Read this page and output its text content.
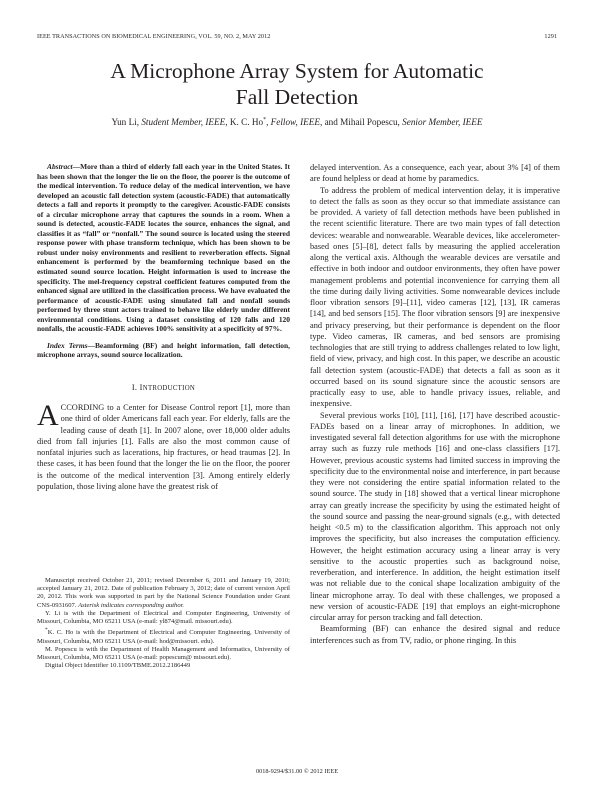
IEEE TRANSACTIONS ON BIOMEDICAL ENGINEERING, VOL. 59, NO. 2, MAY 2012	1291
A Microphone Array System for Automatic
Fall Detection
Yun Li, Student Member, IEEE, K. C. Ho*, Fellow, IEEE, and Mihail Popescu, Senior Member, IEEE

Abstract—More than a third of elderly fall each year in the United States. It has been shown that the longer the lie on the floor, the poorer is the outcome of the medical intervention. To reduce delay of the medical intervention, we have developed an acoustic fall detection system (acoustic-FADE) that automatically detects a fall and reports it promptly to the caregiver. Acoustic-FADE consists of a circular microphone array that captures the sounds in a room. When a sound is detected, acoustic-FADE locates the source, enhances the signal, and classifies it as “fall” or “nonfall.” The sound source is located using the steered response power with phase transform technique, which has been shown to be robust under noisy environments and resilient to reverberation effects. Signal enhancement is performed by the beamforming technique based on the estimated sound source location. Height information is used to increase the specificity. The mel-frequency cepstral coefficient features computed from the enhanced signal are utilized in the classification process. We have evaluated the performance of acoustic-FADE using simulated fall and nonfall sounds performed by three stunt actors trained to behave like elderly under different environmental conditions. Using a dataset consisting of 120 falls and 120 nonfalls, the acoustic-FADE achieves 100% sensitivity at a specificity of 97%.

Index Terms—Beamforming (BF) and height information, fall detection, microphone arrays, sound source localization.

I. INTRODUCTION

ACCORDING to a Center for Disease Control report [1], more than one third of older Americans fall each year. For elderly, falls are the leading cause of death [1]. In 2007 alone, over 18,000 older adults died from fall injuries [1]. Falls are also the most common cause of nonfatal injuries such as lacerations, hip fractures, or head traumas [2]. In these cases, it has been found that the longer the lie on the floor, the poorer is the outcome of the medical intervention [3]. Among entirely elderly population, those living alone have the greatest risk of

Manuscript received October 21, 2011; revised December 6, 2011 and January 19, 2010; accepted January 21, 2012. Date of publication February 3, 2012; date of current version April 20, 2012. This work was supported in part by the National Science Foundation under Grant CNS-0931607. Asterisk indicates corresponding author.

Y. Li is with the Department of Electrical and Computer Engineering, University of Missouri, Columbia, MO 65211 USA (e-mail: yl874@mail. missouri.edu).

*K. C. Ho is with the Department of Electrical and Computer Engineering, University of Missouri, Columbia, MO 65211 USA (e-mail: hod@missouri. edu).

M. Popescu is with the Department of Health Management and Informatics, University of Missouri, Columbia, MO 65211 USA (e-mail: popescum@ missouri.edu).

Digital Object Identifier 10.1109/TBME.2012.2186449

delayed intervention. As a consequence, each year, about 3% [4] of them are found helpless or dead at home by paramedics.

To address the problem of medical intervention delay, it is imperative to detect the falls as soon as they occur so that immediate assistance can be provided. A variety of fall detection methods have been published in the recent scientific literature. There are two main types of fall detection devices: wearable and nonwearable. Wearable devices, like accelerometer-based ones [5]–[8], detect falls by measuring the applied acceleration along the vertical axis. Although the wearable devices are versatile and effective in both indoor and outdoor environments, they often have power management problems and potential inconvenience for carrying them all the time during daily living activities. Some nonwearable devices include floor vibration sensors [9]–[11], video cameras [12], [13], IR cameras [14], and bed sensors [15]. The floor vibration sensors [9] are inexpensive and privacy preserving, but their performance is dependent on the floor type. Video cameras, IR cameras, and bed sensors are promising technologies that are still trying to address challenges related to low light, field of view, privacy, and high cost. In this paper, we describe an acoustic fall detection system (acoustic-FADE) that detects a fall as soon as it occurred based on its sound signature since the acoustic sensors are practically easy to use, able to handle privacy issues, reliable, and inexpensive.

Several previous works [10], [11], [16], [17] have described acoustic-FADEs based on a linear array of microphones. In addition, we investigated several fall detection algorithms for use with the microphone array such as fuzzy rule methods [16] and one-class classifiers [17]. However, previous acoustic systems had limited success in improving the specificity due to the environmental noise and interference, in part because they were not considering the entire spatial information related to the sound source. The study in [18] showed that a vertical linear microphone array can greatly increase the specificity by using the estimated height of the sound source and passing the near-ground signals (e.g., with detected height <0.5 m) to the classification algorithm. This approach not only improves the specificity, but also increases the computation efficiency. However, the height estimation accuracy using a linear array is very sensitive to the acoustic properties such as background noise, reverberation, and interference. In addition, the height estimation itself was not reliable due to the conical shape localization ambiguity of the linear microphone array. To deal with these challenges, we proposed a new version of acoustic-FADE [19] that employs an eight-microphone circular array for person tracking and fall detection.

Beamforming (BF) can enhance the desired signal and reduce interferences such as from TV, radio, or phone ringing. In this

0018-9294/$31.00 © 2012 IEEE
